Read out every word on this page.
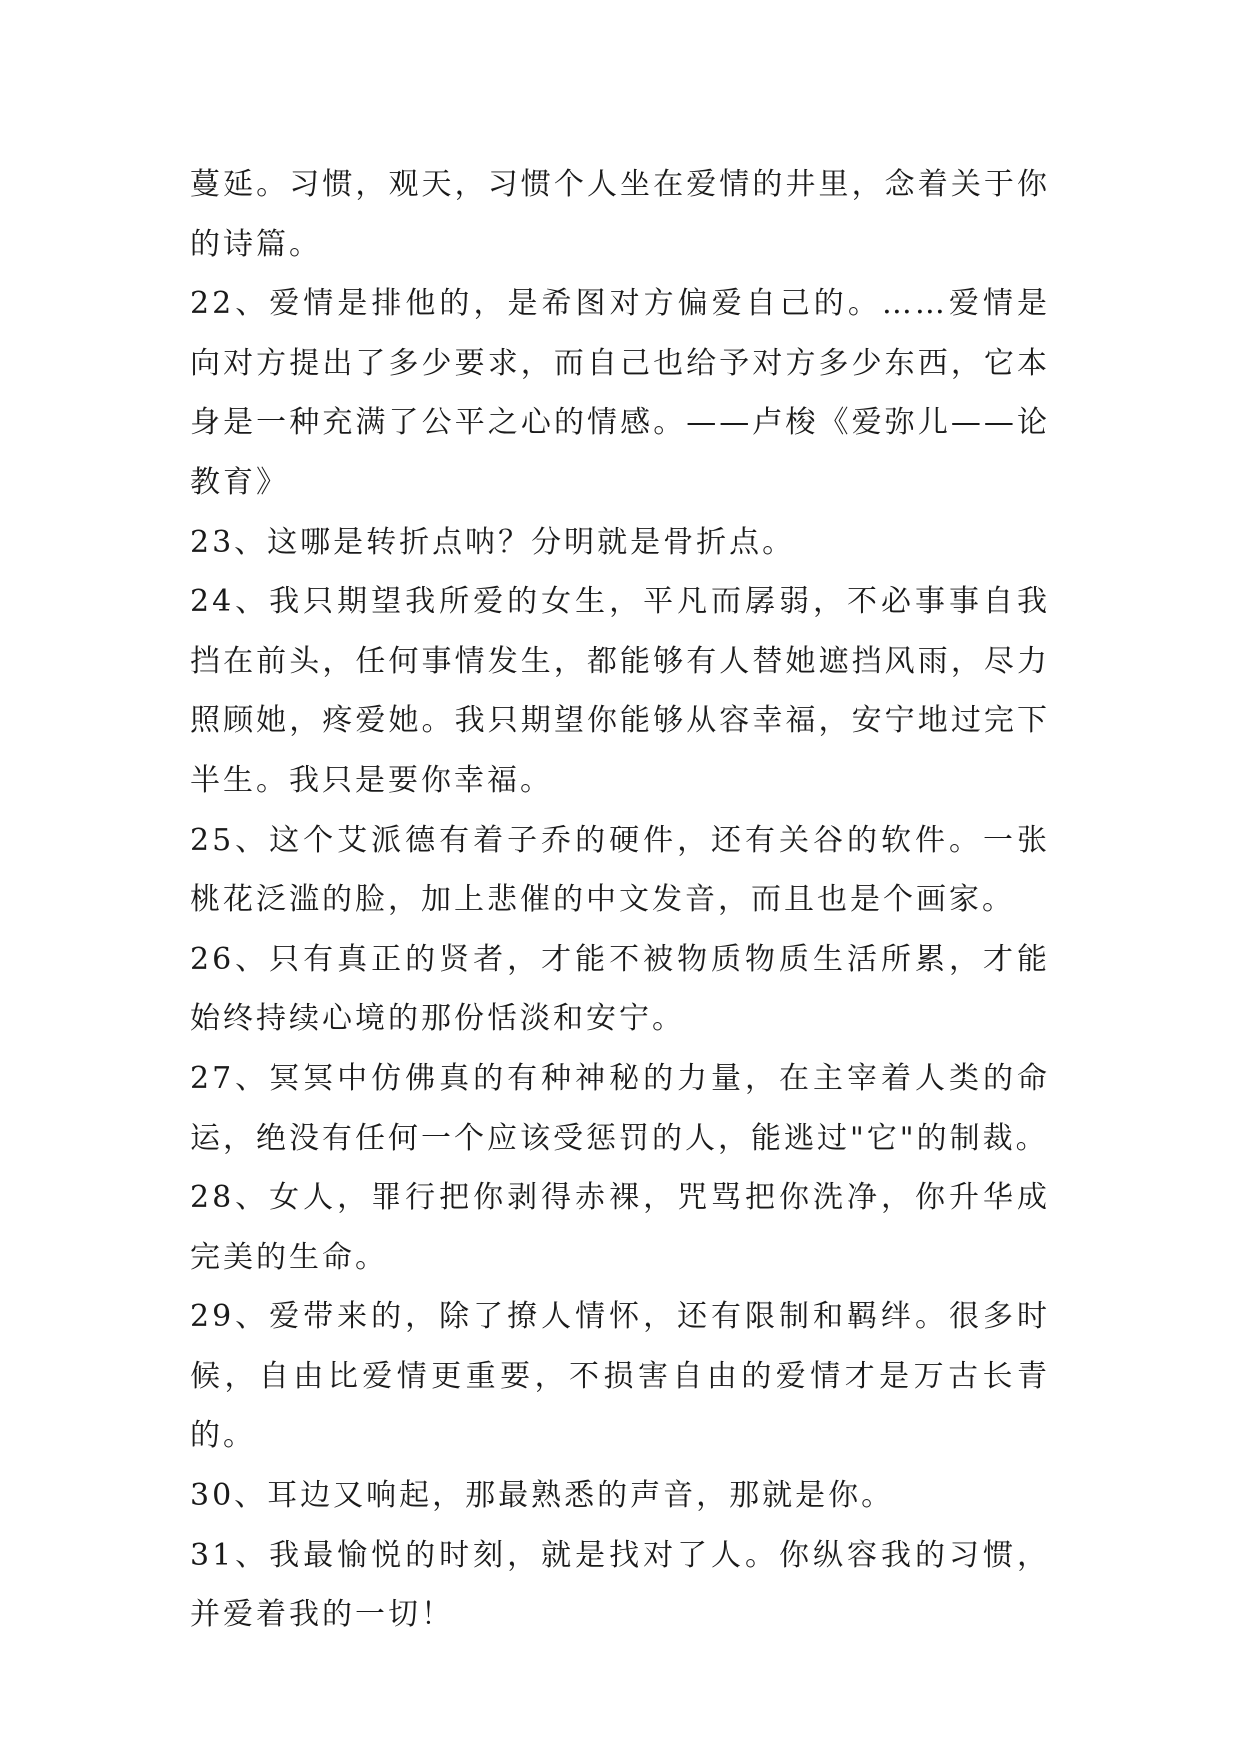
蔓延。习惯，观天，习惯个人坐在爱情的井里，念着关于你的诗篇。

22、爱情是排他的，是希图对方偏爱自己的。……爱情是向对方提出了多少要求，而自己也给予对方多少东西，它本身是一种充满了公平之心的情感。——卢梭《爱弥儿——论教育》

23、这哪是转折点呐？分明就是骨折点。

24、我只期望我所爱的女生，平凡而孱弱，不必事事自我挡在前头，任何事情发生，都能够有人替她遮挡风雨，尽力照顾她，疼爱她。我只期望你能够从容幸福，安宁地过完下半生。我只是要你幸福。

25、这个艾派德有着子乔的硬件，还有关谷的软件。一张桃花泛滥的脸，加上悲催的中文发音，而且也是个画家。

26、只有真正的贤者，才能不被物质物质生活所累，才能始终持续心境的那份恬淡和安宁。

27、冥冥中仿佛真的有种神秘的力量，在主宰着人类的命运，绝没有任何一个应该受惩罚的人，能逃过"它"的制裁。

28、女人，罪行把你剥得赤裸，咒骂把你洗净，你升华成完美的生命。

29、爱带来的，除了撩人情怀，还有限制和羁绊。很多时候，自由比爱情更重要，不损害自由的爱情才是万古长青的。

30、耳边又响起，那最熟悉的声音，那就是你。

31、我最愉悦的时刻，就是找对了人。你纵容我的习惯，并爱着我的一切！
